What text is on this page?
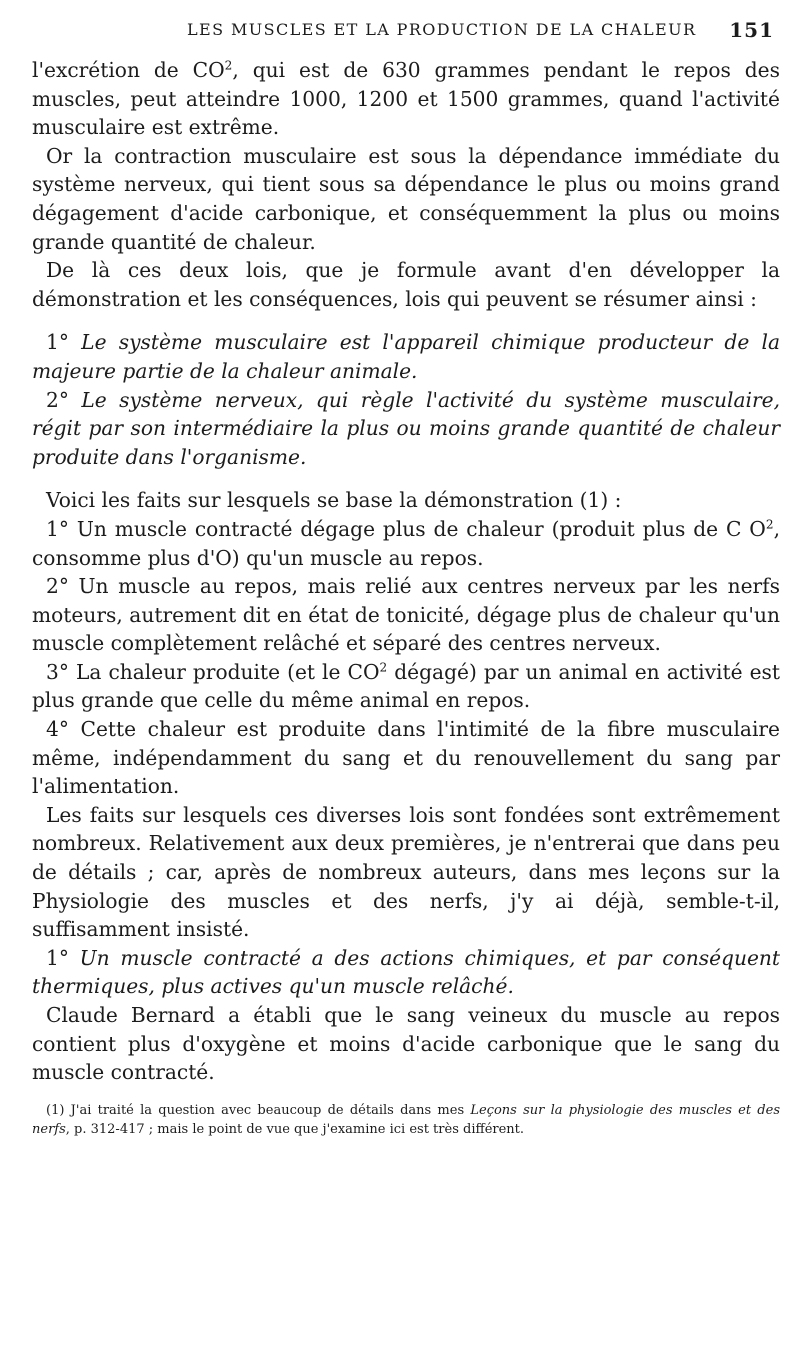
LES MUSCLES ET LA PRODUCTION DE LA CHALEUR 151

l'excrétion de $CO^2$, qui est de 630 grammes pendant le repos des muscles, peut atteindre 1000, 1200 et 1500 grammes, quand l'activité musculaire est extrême.

Or la contraction musculaire est sous la dépendance immédiate du système nerveux, qui tient sous sa dépendance le plus ou moins grand dégagement d'acide carbonique, et conséquemment la plus ou moins grande quantité de chaleur.

De là ces deux lois, que je formule avant d'en développer la démonstration et les conséquences, lois qui peuvent se résumer ainsi :

1° Le système musculaire est l'appareil chimique producteur de la majeure partie de la chaleur animale.

2° Le système nerveux, qui règle l'activité du système musculaire, régit par son intermédiaire la plus ou moins grande quantité de chaleur produite dans l'organisme.

Voici les faits sur lesquels se base la démonstration (1) :

1° Un muscle contracté dégage plus de chaleur (produit plus de C $O^2$, consomme plus d'O) qu'un muscle au repos.

2° Un muscle au repos, mais relié aux centres nerveux par les nerfs moteurs, autrement dit en état de tonicité, dégage plus de chaleur qu'un muscle complètement relâché et séparé des centres nerveux.

3° La chaleur produite (et le $CO^2$ dégagé) par un animal en activité est plus grande que celle du même animal en repos.

4° Cette chaleur est produite dans l'intimité de la fibre musculaire même, indépendamment du sang et du renouvellement du sang par l'alimentation.

Les faits sur lesquels ces diverses lois sont fondées sont extrêmement nombreux. Relativement aux deux premières, je n'entrerai que dans peu de détails ; car, après de nombreux auteurs, dans mes leçons sur la Physiologie des muscles et des nerfs, j'y ai déjà, semble-t-il, suffisamment insisté.

1° Un muscle contracté a des actions chimiques, et par conséquent thermiques, plus actives qu'un muscle relâché.

Claude Bernard a établi que le sang veineux du muscle au repos contient plus d'oxygène et moins d'acide carbonique que le sang du muscle contracté.

(1) J'ai traité la question avec beaucoup de détails dans mes Leçons sur la physiologie des muscles et des nerfs, p. 312-417 ; mais le point de vue que j'examine ici est très différent.
